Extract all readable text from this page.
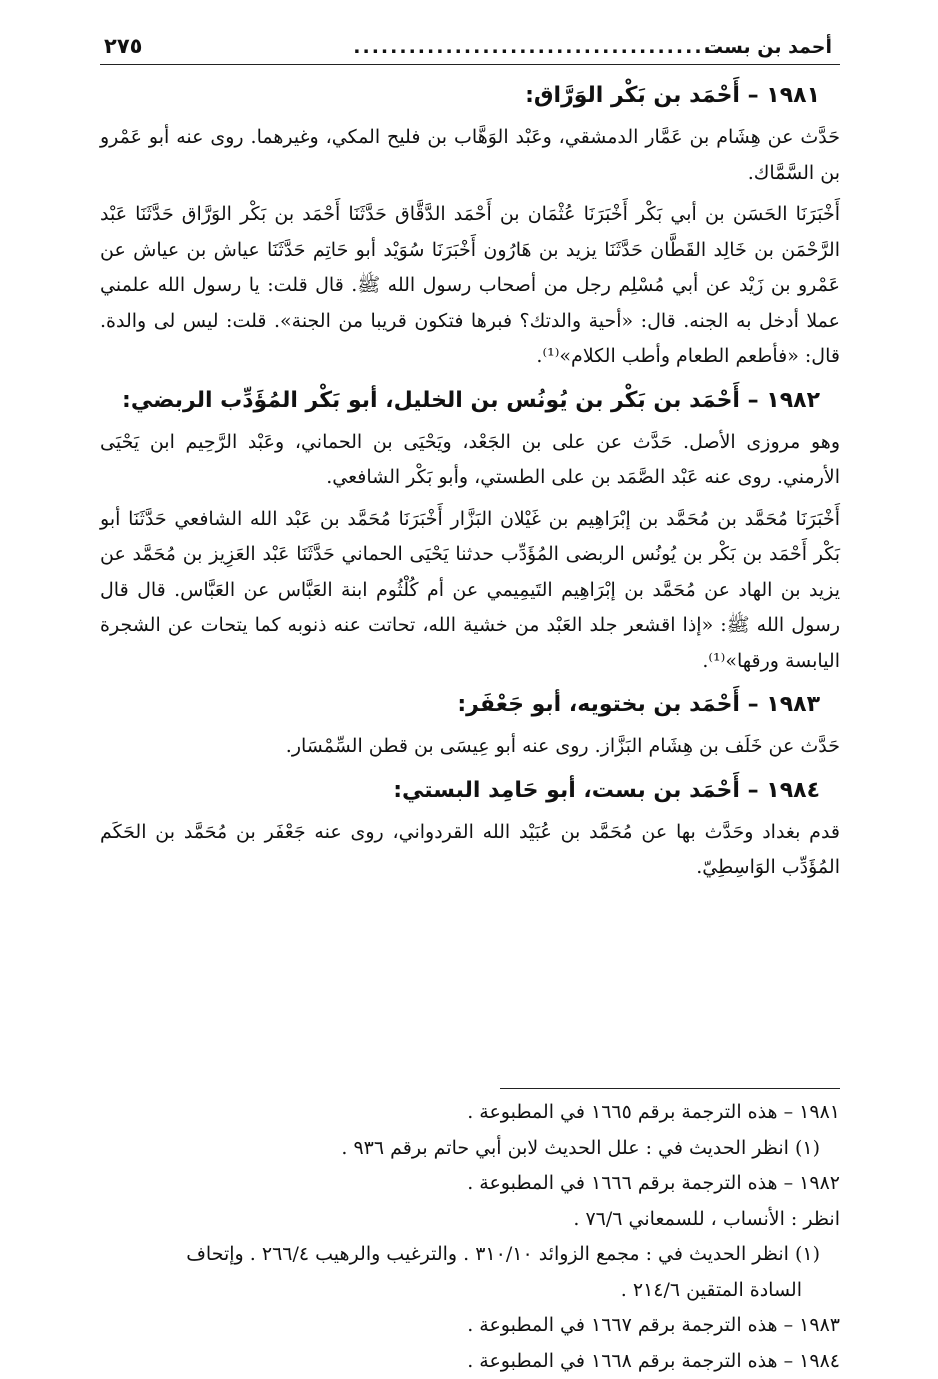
أحمد بن بست
........................................
٢٧٥
١٩٨١ – أَحْمَد بن بَكْر الوَرَّاق:

حَدَّث عن هِشَام بن عَمَّار الدمشقي، وعَبْد الوَهَّاب بن فليح المكي، وغيرهما. روى عنه أبو عَمْرو بن السَّمَّاك.

أَخْبَرَنَا الحَسَن بن أبي بَكْر أَخْبَرَنَا عُثْمَان بن أَحْمَد الدَّقَّاق حَدَّثَنَا أَحْمَد بن بَكْر الوَرَّاق حَدَّثَنَا عَبْد الرَّحْمَن بن خَالِد القَطَّان حَدَّثَنَا يزيد بن هَارُون أَخْبَرَنَا سُوَيْد أبو حَاتِم حَدَّثَنَا عياش بن عياش عن عَمْرو بن زَيْد عن أبي مُسْلِم رجل من أصحاب رسول الله ﷺ. قال قلت: يا رسول الله علمني عملا أدخل به الجنه. قال: «أحية والدتك؟ فبرها فتكون قريبا من الجنة». قلت: ليس لى والدة. قال: «فأطعم الطعام وأطب الكلام»⁽¹⁾.

١٩٨٢ – أَحْمَد بن بَكْر بن يُونُس بن الخليل، أبو بَكْر المُؤَدِّب الربضي:

وهو مروزى الأصل. حَدَّث عن على بن الجَعْد، ويَحْيَى بن الحماني، وعَبْد الرَّحِيم ابن يَحْيَى الأرمني. روى عنه عَبْد الصَّمَد بن على الطستي، وأبو بَكْر الشافعي.

أَخْبَرَنَا مُحَمَّد بن مُحَمَّد بن إبْرَاهِيم بن غَيْلان البَزَّار أَخْبَرَنَا مُحَمَّد بن عَبْد الله الشافعي حَدَّثَنَا أبو بَكْر أَحْمَد بن بَكْر بن يُونُس الربضى المُؤَدِّب حدثنا يَحْيَى الحماني حَدَّثَنَا عَبْد العَزِيز بن مُحَمَّد عن يزيد بن الهاد عن مُحَمَّد بن إبْرَاهِيم التَيمِيمي عن أم كُلْثُوم ابنة العَبَّاس عن العَبَّاس. قال قال رسول الله ﷺ: «إذا اقشعر جلد العَبْد من خشية الله، تحاتت عنه ذنوبه كما يتحات عن الشجرة اليابسة ورقها»⁽¹⁾.

١٩٨٣ – أَحْمَد بن بختويه، أبو جَعْفَر:

حَدَّث عن خَلَف بن هِشَام البَزَّاز. روى عنه أبو عِيسَى بن قطن السِّمْسَار.

١٩٨٤ – أَحْمَد بن بست، أبو حَامِد البستي:

قدم بغداد وحَدَّث بها عن مُحَمَّد بن عُبَيْد الله القردواني، روى عنه جَعْفَر بن مُحَمَّد بن الحَكَم المُؤَدِّب الوَاسِطِيّ.

١٩٨١ – هذه الترجمة برقم ١٦٦٥ في المطبوعة .

(١) انظر الحديث في : علل الحديث لابن أبي حاتم برقم ٩٣٦ .

١٩٨٢ – هذه الترجمة برقم ١٦٦٦ في المطبوعة .

انظر : الأنساب ، للسمعاني ٧٦/٦ .

(١) انظر الحديث في : مجمع الزوائد ٣١٠/١٠ . والترغيب والرهيب ٢٦٦/٤ . وإتحاف

السادة المتقين ٢١٤/٦ .

١٩٨٣ – هذه الترجمة برقم ١٦٦٧ في المطبوعة .

١٩٨٤ – هذه الترجمة برقم ١٦٦٨ في المطبوعة .
